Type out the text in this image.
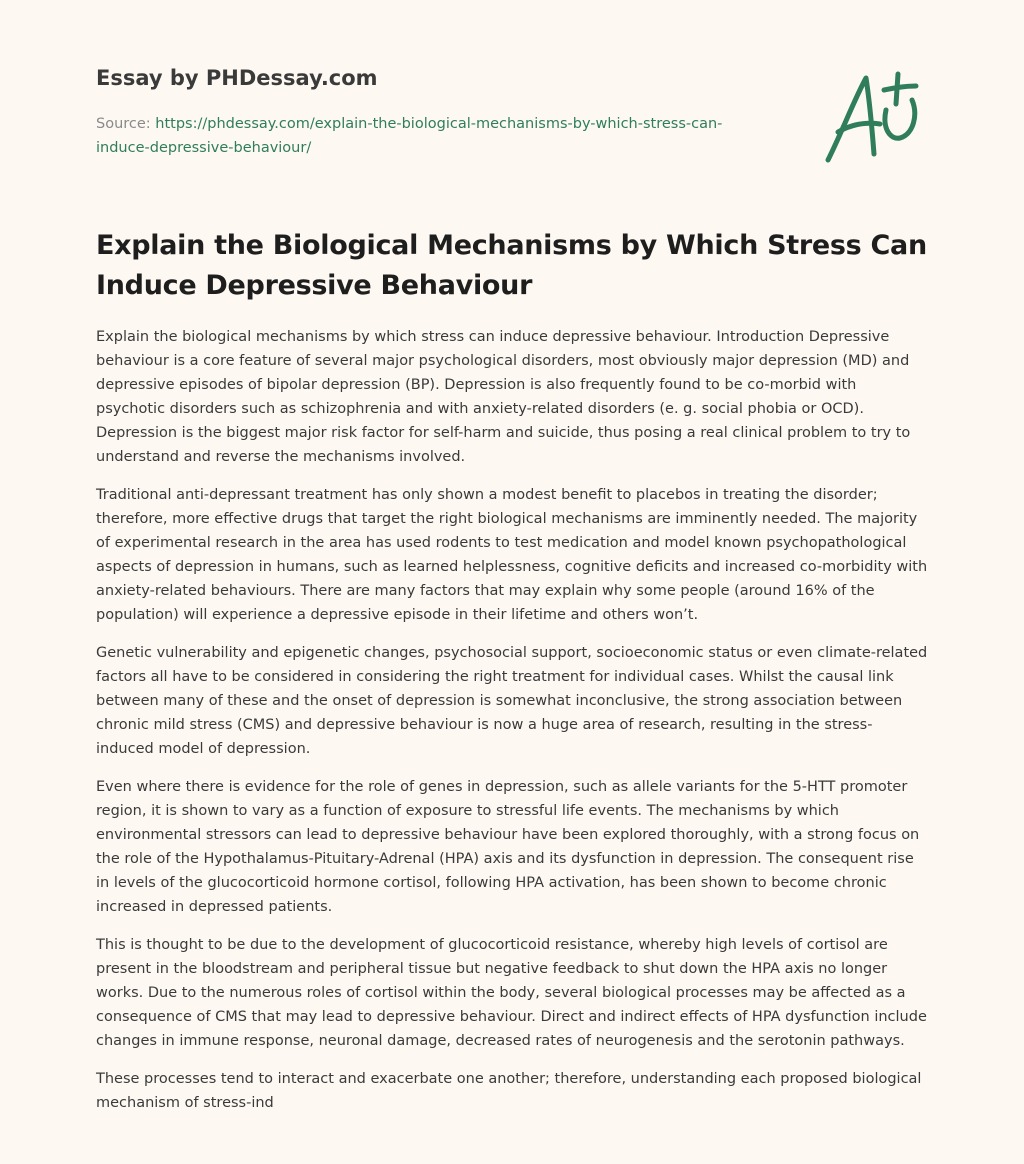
Essay by PHDessay.com

Source: https://phdessay.com/explain-the-biological-mechanisms-by-which-stress-can-induce-depressive-behaviour/

Explain the Biological Mechanisms by Which Stress Can Induce Depressive Behaviour

Explain the biological mechanisms by which stress can induce depressive behaviour. Introduction Depressive behaviour is a core feature of several major psychological disorders, most obviously major depression (MD) and depressive episodes of bipolar depression (BP). Depression is also frequently found to be co-morbid with psychotic disorders such as schizophrenia and with anxiety-related disorders (e. g. social phobia or OCD). Depression is the biggest major risk factor for self-harm and suicide, thus posing a real clinical problem to try to understand and reverse the mechanisms involved.

Traditional anti-depressant treatment has only shown a modest benefit to placebos in treating the disorder; therefore, more effective drugs that target the right biological mechanisms are imminently needed. The majority of experimental research in the area has used rodents to test medication and model known psychopathological aspects of depression in humans, such as learned helplessness, cognitive deficits and increased co-morbidity with anxiety-related behaviours. There are many factors that may explain why some people (around 16% of the population) will experience a depressive episode in their lifetime and others won’t.

Genetic vulnerability and epigenetic changes, psychosocial support, socioeconomic status or even climate-related factors all have to be considered in considering the right treatment for individual cases. Whilst the causal link between many of these and the onset of depression is somewhat inconclusive, the strong association between chronic mild stress (CMS) and depressive behaviour is now a huge area of research, resulting in the stress-induced model of depression.

Even where there is evidence for the role of genes in depression, such as allele variants for the 5-HTT promoter region, it is shown to vary as a function of exposure to stressful life events. The mechanisms by which environmental stressors can lead to depressive behaviour have been explored thoroughly, with a strong focus on the role of the Hypothalamus-Pituitary-Adrenal (HPA) axis and its dysfunction in depression. The consequent rise in levels of the glucocorticoid hormone cortisol, following HPA activation, has been shown to become chronic increased in depressed patients.

This is thought to be due to the development of glucocorticoid resistance, whereby high levels of cortisol are present in the bloodstream and peripheral tissue but negative feedback to shut down the HPA axis no longer works. Due to the numerous roles of cortisol within the body, several biological processes may be affected as a consequence of CMS that may lead to depressive behaviour. Direct and indirect effects of HPA dysfunction include changes in immune response, neuronal damage, decreased rates of neurogenesis and the serotonin pathways.

These processes tend to interact and exacerbate one another; therefore, understanding each proposed biological mechanism of stress-ind
